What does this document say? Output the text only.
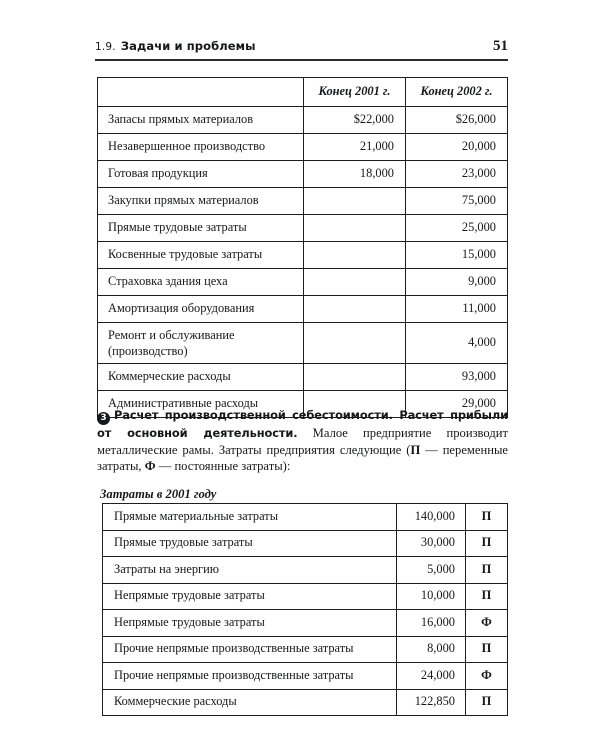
1.9. Задачи и проблемы	51
	Конец 2001 г.	Конец 2002 г.
Запасы прямых материалов	$22,000	$26,000
Незавершенное производство	21,000	20,000
Готовая продукция	18,000	23,000
Закупки прямых материалов		75,000
Прямые трудовые затраты		25,000
Косвенные трудовые затраты		15,000
Страховка здания цеха		9,000
Амортизация оборудования		11,000
Ремонт и обслуживание
(производство)		4,000
Коммерческие расходы		93,000
Административные расходы		29,000
3 Расчет производственной себестоимости. Расчет прибыли от основной деятельности. Малое предприятие производит металлические рамы. Затраты предприятия следующие (П — переменные затраты, Ф — постоянные затраты):
Затраты в 2001 году
Прямые материальные затраты	140,000	П
Прямые трудовые затраты	30,000	П
Затраты на энергию	5,000	П
Непрямые трудовые затраты	10,000	П
Непрямые трудовые затраты	16,000	Ф
Прочие непрямые производственные затраты	8,000	П
Прочие непрямые производственные затраты	24,000	Ф
Коммерческие расходы	122,850	П
